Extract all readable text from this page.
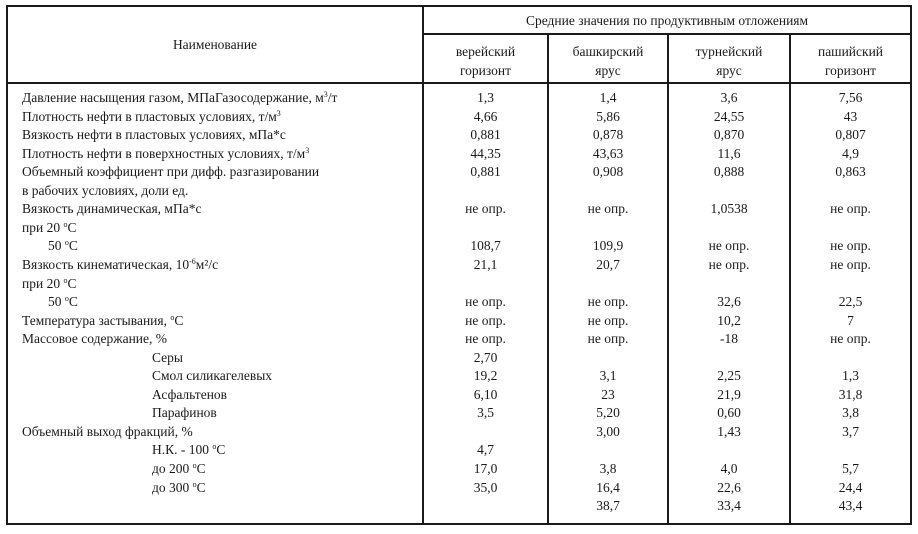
Наименование
Средние значения по продуктивным отложениям
верейский
горизонт
башкирский
ярус
турнейский
ярус
пашийский
горизонт
Давление насыщения газом, МПаГазосодержание, $м^3/т$
Плотность нефти в пластовых условиях, $т/м^3$
Вязкость нефти в пластовых условиях, мПа*с
Плотность нефти в поверхностных условиях, $т/м^3$
Объемный коэффициент при дифф. разгазировании
в рабочих условиях, доли ед.
Вязкость динамическая, мПа*с
при 20 $^o$С
50 $^o$С
Вязкость кинематическая, $10^{-6}м^2/с$
при 20 $^o$С
50 $^o$С
Температура застывания, $^o$С
Массовое содержание, %
Серы
Смол силикагелевых
Асфальтенов
Парафинов
Объемный выход фракций, %
Н.К. - 100 $^o$С
до 200 $^o$С
до 300 $^o$С
1,3
4,66
0,881
44,35
0,881
не опр.
108,7
21,1
не опр.
не опр.
не опр.
2,70
19,2
6,10
3,5
4,7
17,0
35,0
1,4
5,86
0,878
43,63
0,908
не опр.
109,9
20,7
не опр.
не опр.
не опр.
3,1
23
5,20
3,00
3,8
16,4
38,7
3,6
24,55
0,870
11,6
0,888
1,0538
не опр.
не опр.
32,6
10,2
-18
2,25
21,9
0,60
1,43
4,0
22,6
33,4
7,56
43
0,807
4,9
0,863
не опр.
не опр.
не опр.
22,5
7
не опр.
1,3
31,8
3,8
3,7
5,7
24,4
43,4
